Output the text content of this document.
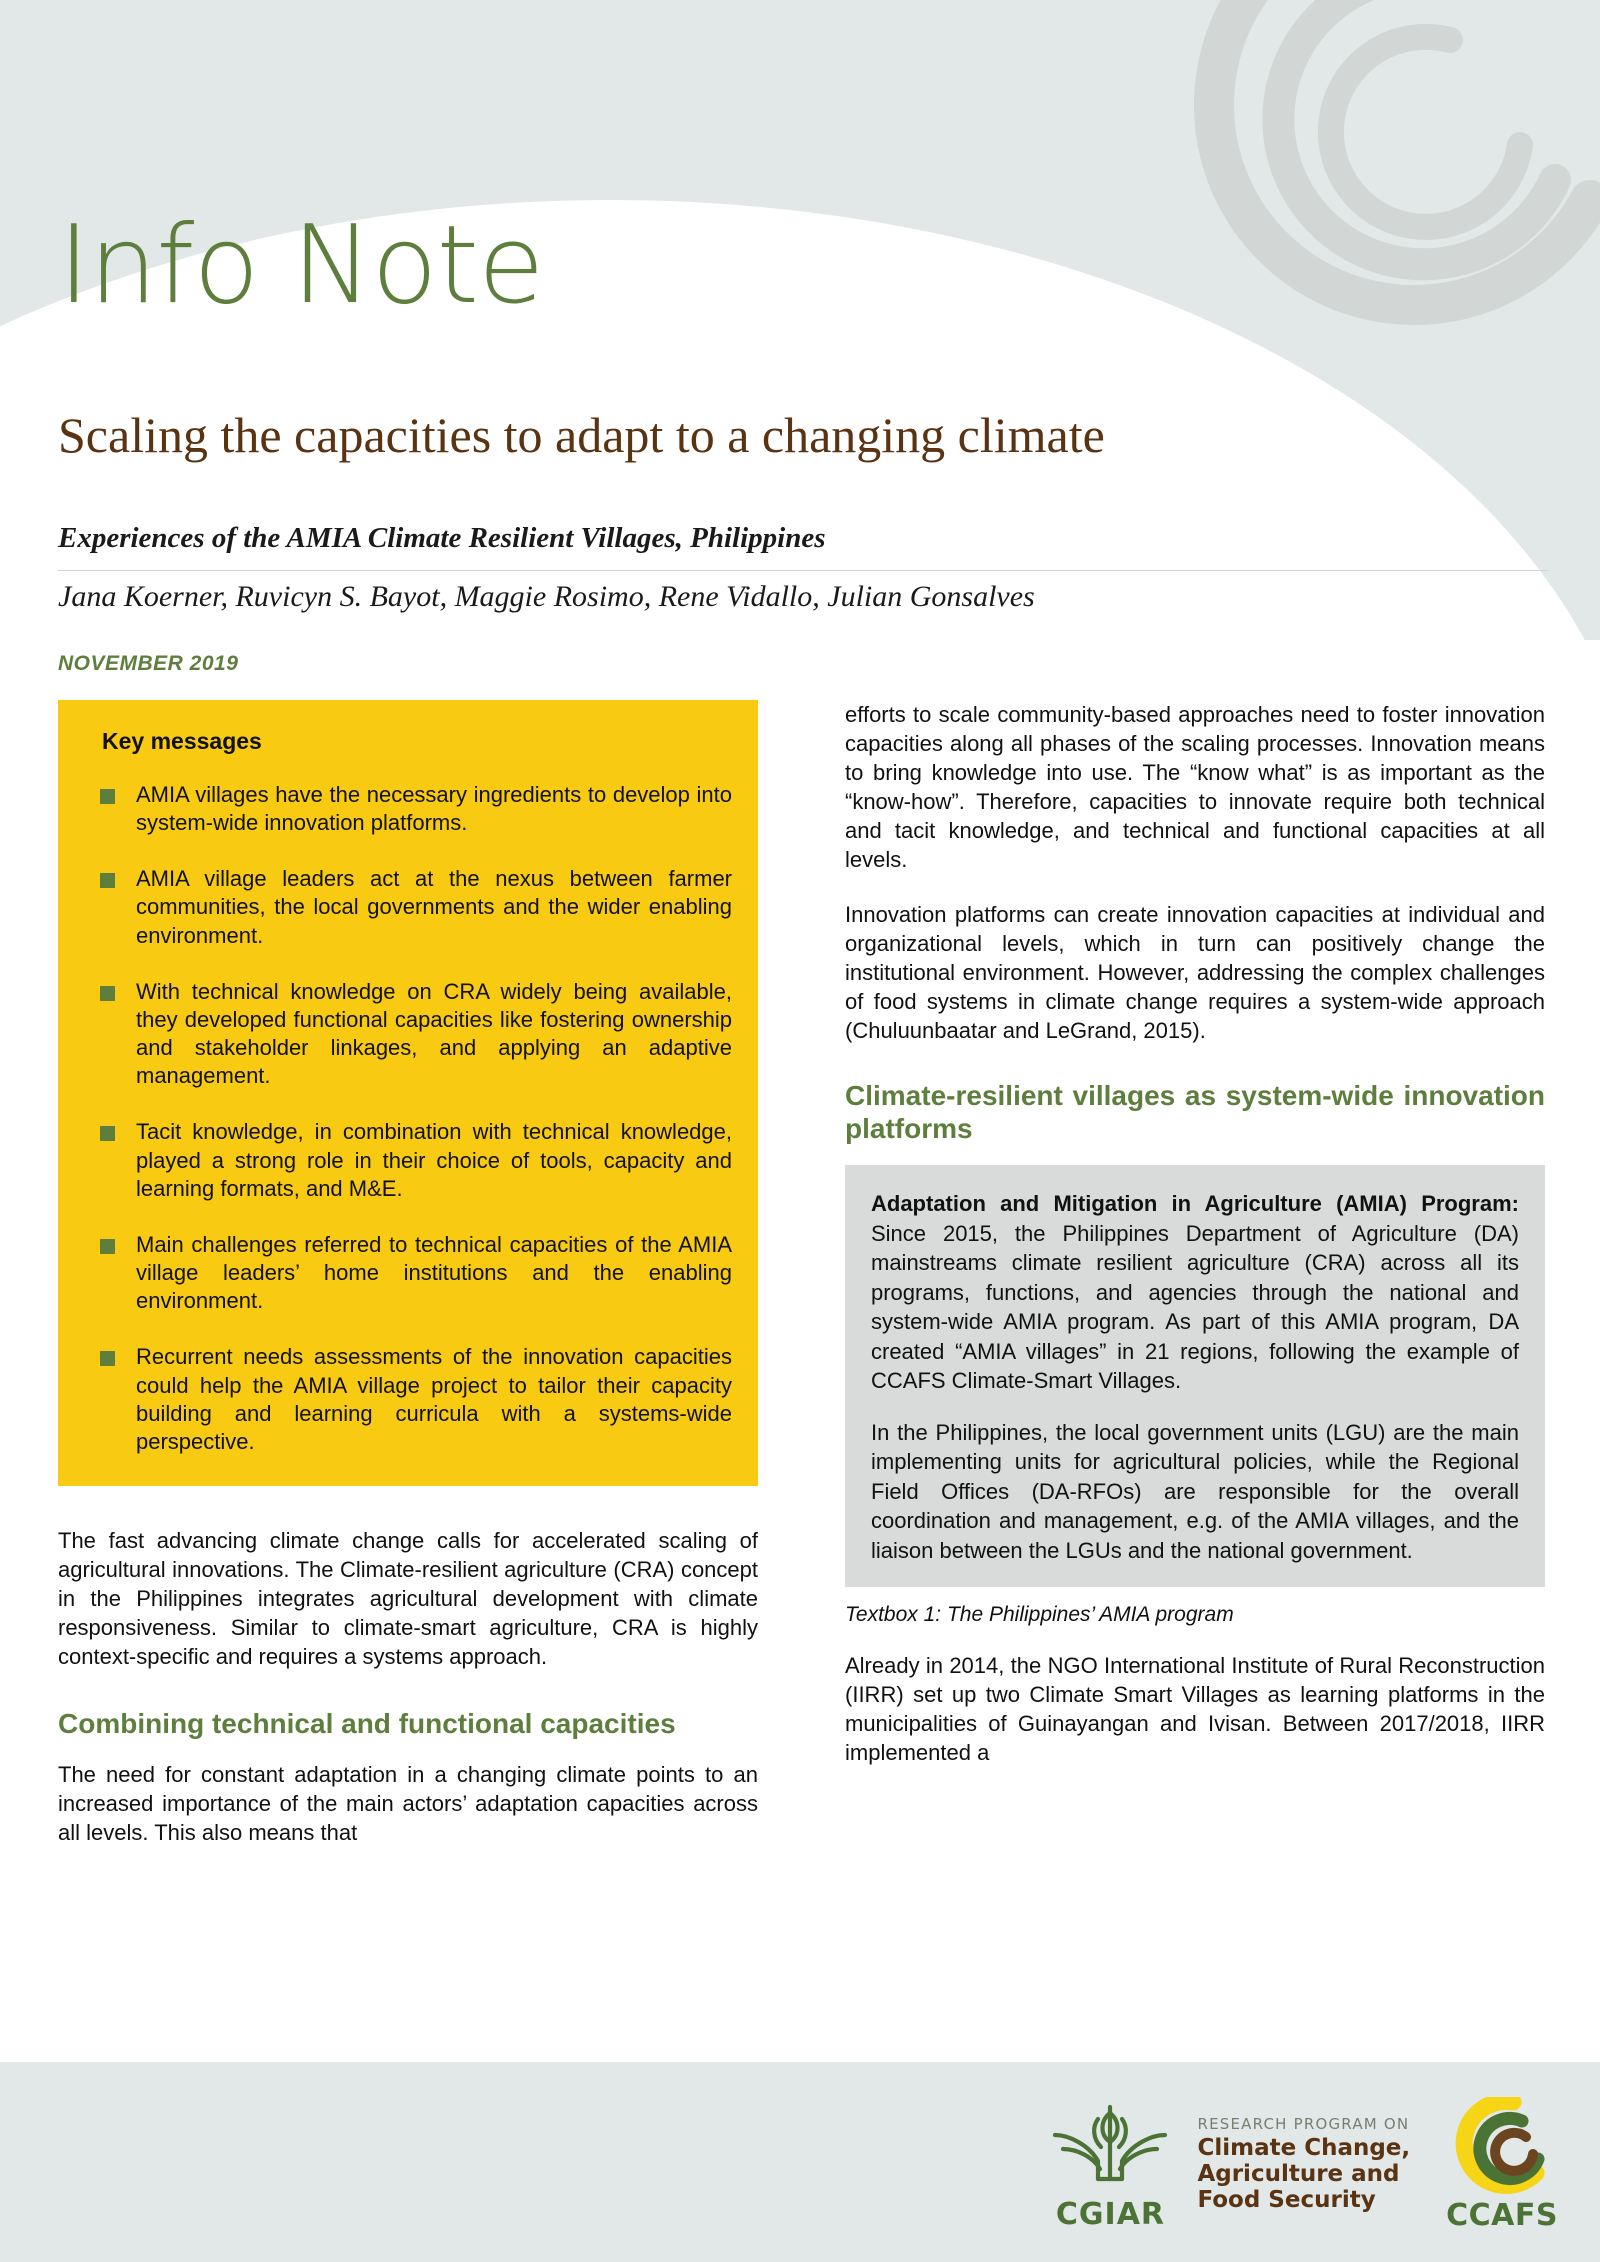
Info Note
Scaling the capacities to adapt to a changing climate
Experiences of the AMIA Climate Resilient Villages, Philippines
Jana Koerner, Ruvicyn S. Bayot, Maggie Rosimo, Rene Vidallo, Julian Gonsalves
NOVEMBER 2019
Key messages
AMIA villages have the necessary ingredients to develop into system-wide innovation platforms.
AMIA village leaders act at the nexus between farmer communities, the local governments and the wider enabling environment.
With technical knowledge on CRA widely being available, they developed functional capacities like fostering ownership and stakeholder linkages, and applying an adaptive management.
Tacit knowledge, in combination with technical knowledge, played a strong role in their choice of tools, capacity and learning formats, and M&E.
Main challenges referred to technical capacities of the AMIA village leaders’ home institutions and the enabling environment.
Recurrent needs assessments of the innovation capacities could help the AMIA village project to tailor their capacity building and learning curricula with a systems-wide perspective.

The fast advancing climate change calls for accelerated scaling of agricultural innovations. The Climate-resilient agriculture (CRA) concept in the Philippines integrates agricultural development with climate responsiveness. Similar to climate-smart agriculture, CRA is highly context-specific and requires a systems approach.

Combining technical and functional capacities

The need for constant adaptation in a changing climate points to an increased importance of the main actors’ adaptation capacities across all levels. This also means that

efforts to scale community-based approaches need to foster innovation capacities along all phases of the scaling processes. Innovation means to bring knowledge into use. The “know what” is as important as the “know-how”. Therefore, capacities to innovate require both technical and tacit knowledge, and technical and functional capacities at all levels.

Innovation platforms can create innovation capacities at individual and organizational levels, which in turn can positively change the institutional environment. However, addressing the complex challenges of food systems in climate change requires a system-wide approach (Chuluunbaatar and LeGrand, 2015).

Climate-resilient villages as system-wide innovation platforms

Adaptation and Mitigation in Agriculture (AMIA) Program: Since 2015, the Philippines Department of Agriculture (DA) mainstreams climate resilient agriculture (CRA) across all its programs, functions, and agencies through the national and system-wide AMIA program. As part of this AMIA program, DA created “AMIA villages” in 21 regions, following the example of CCAFS Climate-Smart Villages.

In the Philippines, the local government units (LGU) are the main implementing units for agricultural policies, while the Regional Field Offices (DA-RFOs) are responsible for the overall coordination and management, e.g. of the AMIA villages, and the liaison between the LGUs and the national government.

Textbox 1: The Philippines’ AMIA program

Already in 2014, the NGO International Institute of Rural Reconstruction (IIRR) set up two Climate Smart Villages as learning platforms in the municipalities of Guinayangan and Ivisan. Between 2017/2018, IIRR implemented a

CGIAR
RESEARCH PROGRAM ON
Climate Change,
Agriculture and
Food Security	CCAFS
